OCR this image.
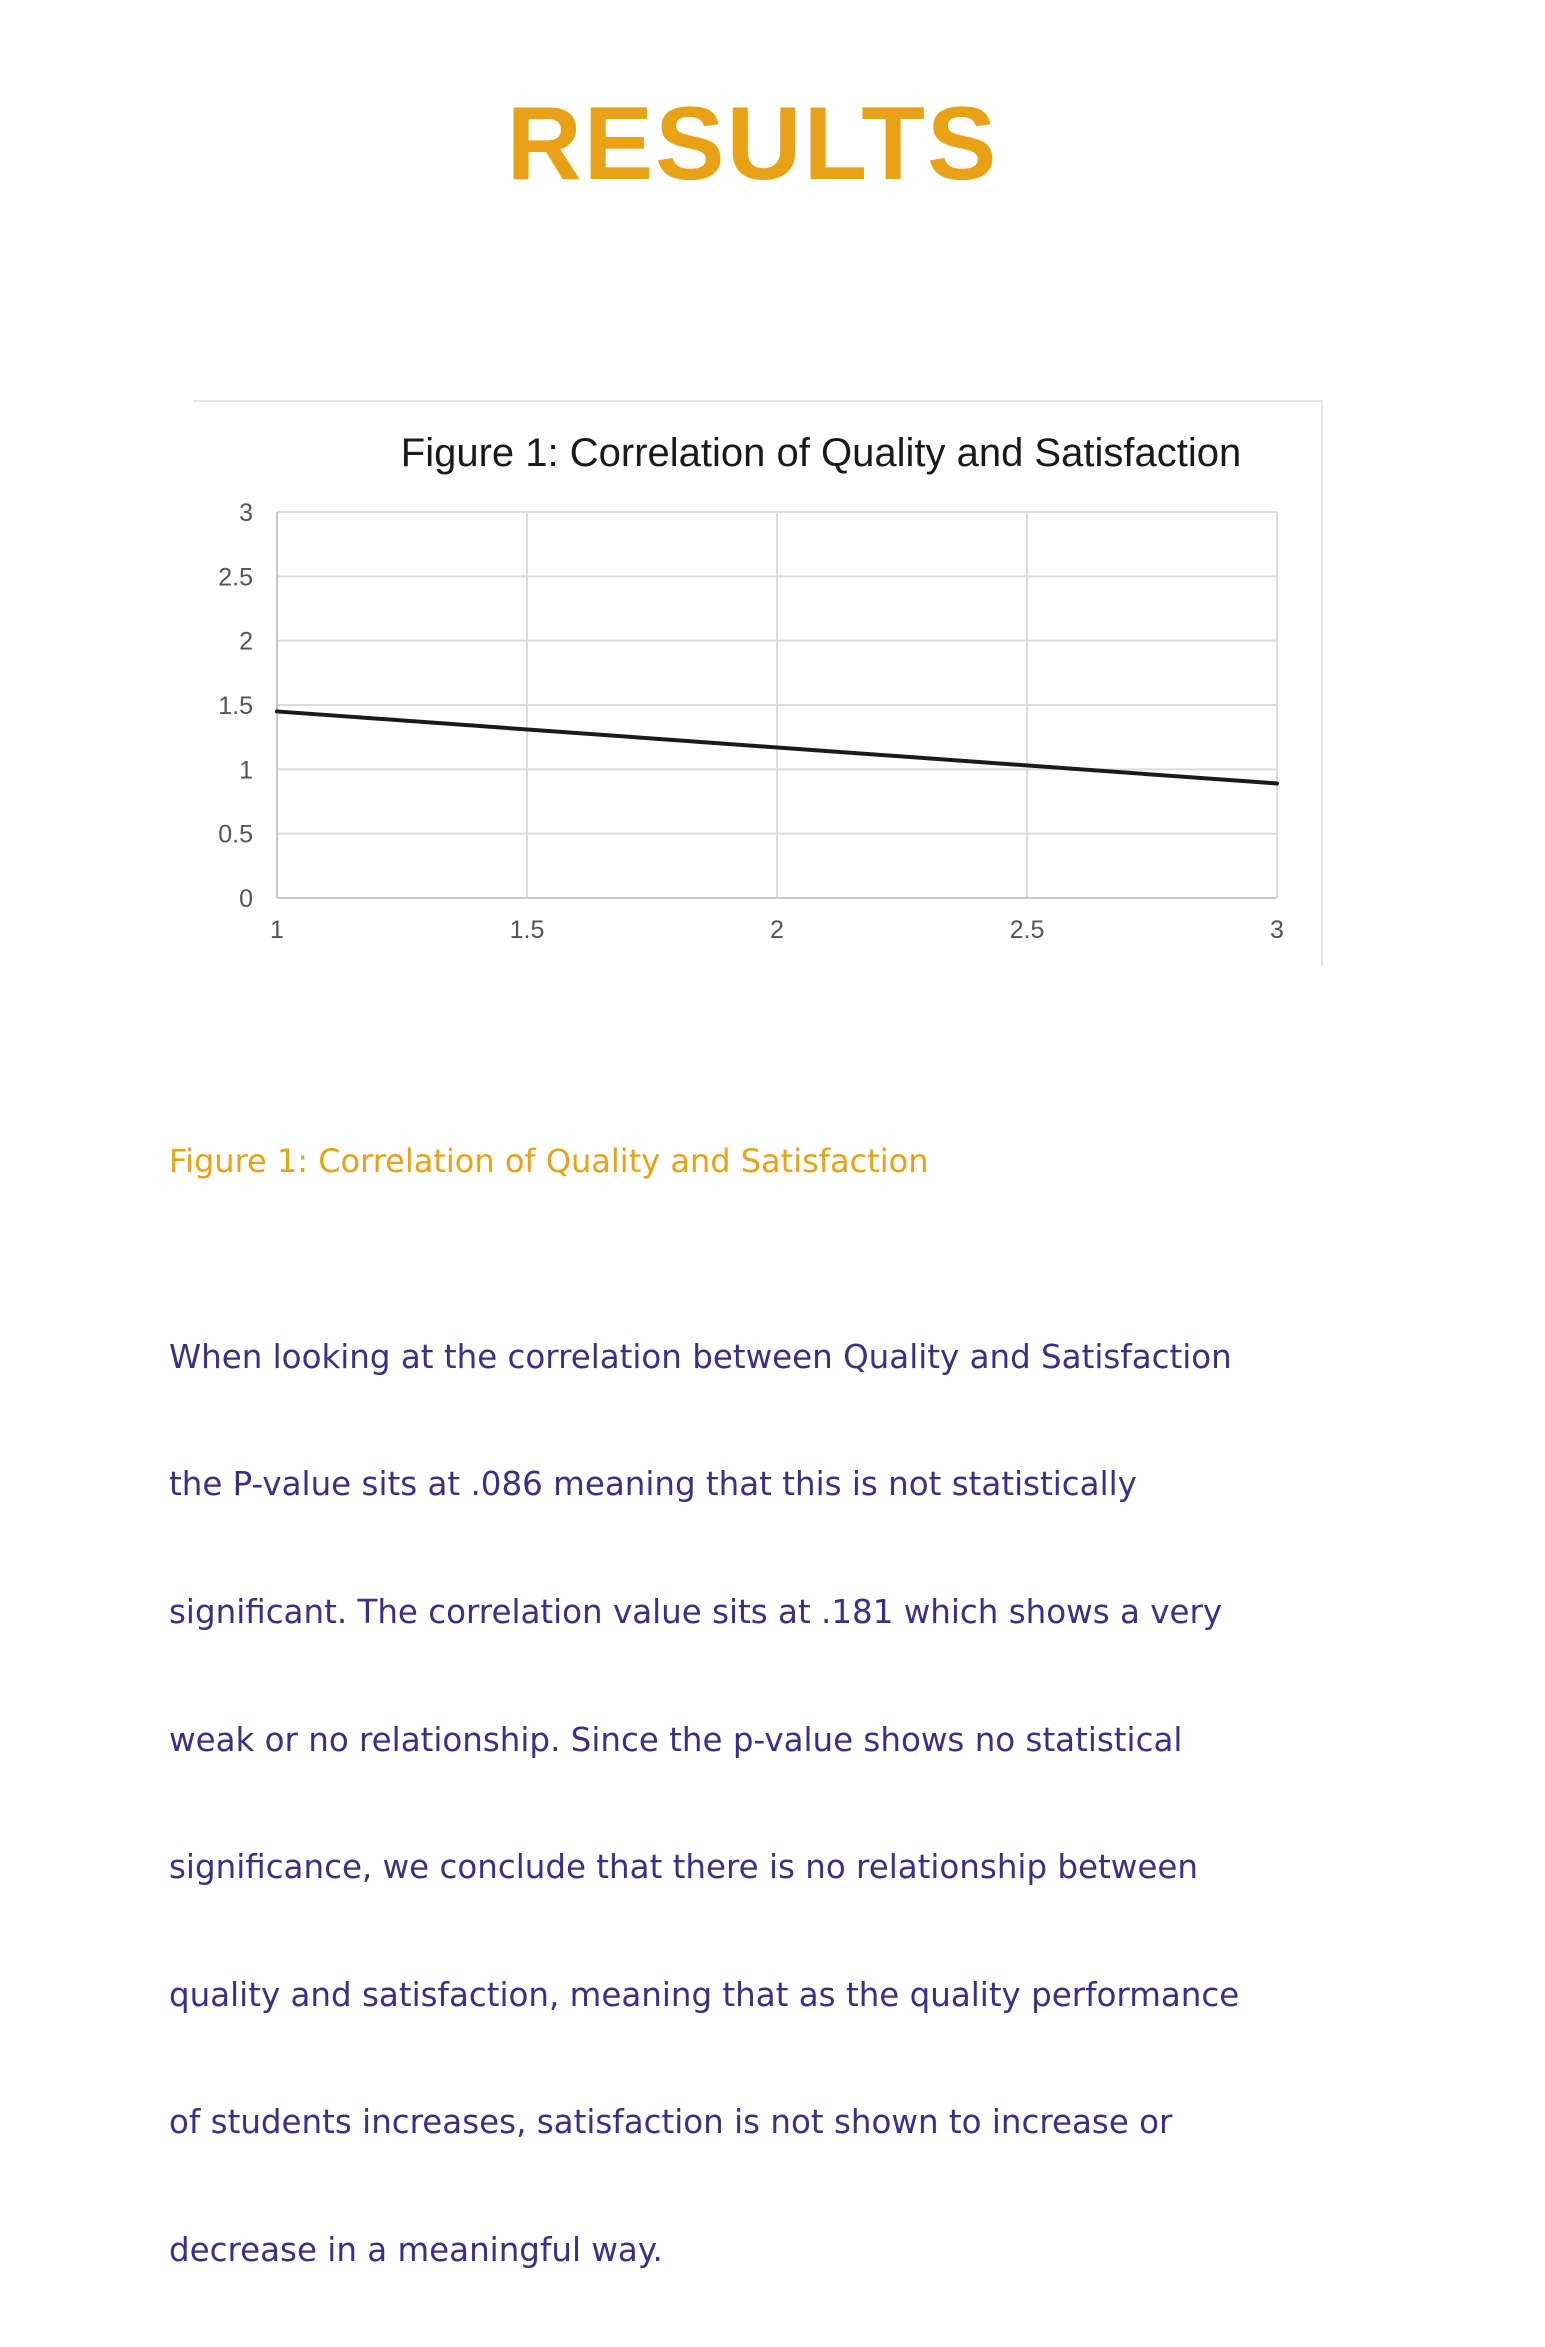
RESULTS
Figure 1: Correlation of Quality and Satisfaction
0
0.5
1
1.5
2
2.5
3
1	1.5	2	2.5	3

Figure 1: Correlation of Quality and Satisfaction

When looking at the correlation between Quality and Satisfaction

the P-value sits at .086 meaning that this is not statistically

significant. The correlation value sits at .181 which shows a very

weak or no relationship. Since the p-value shows no statistical

significance, we conclude that there is no relationship between

quality and satisfaction, meaning that as the quality performance

of students increases, satisfaction is not shown to increase or

decrease in a meaningful way.
